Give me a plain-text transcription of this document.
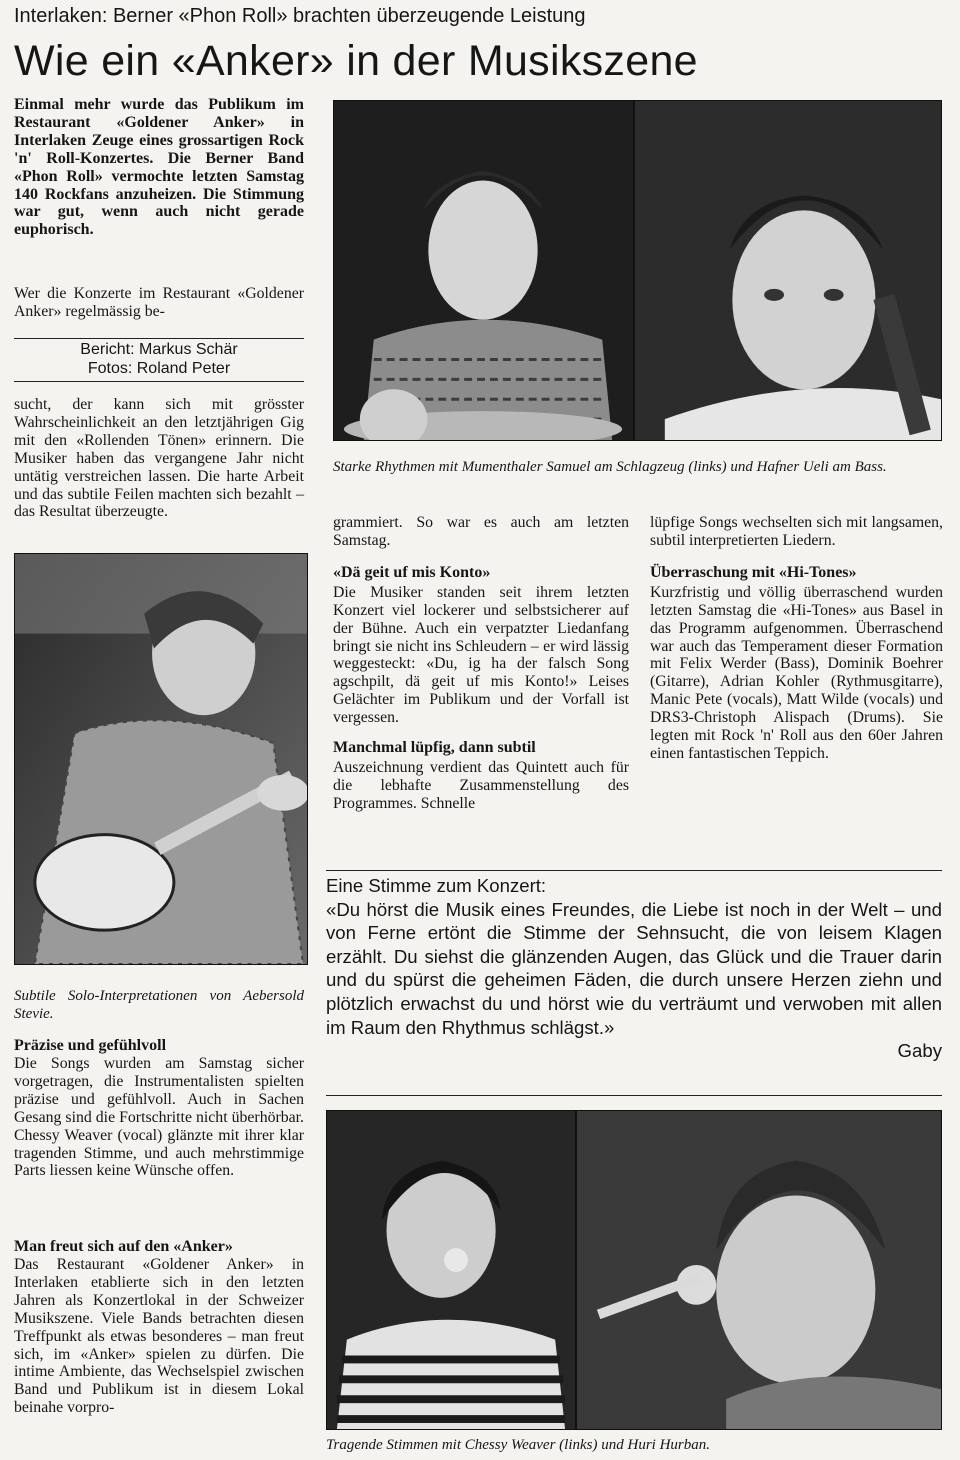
Interlaken: Berner «Phon Roll» brachten überzeugende Leistung
Wie ein «Anker» in der Musikszene
Einmal mehr wurde das Publikum im Restaurant «Goldener Anker» in Interlaken Zeuge eines grossartigen Rock 'n' Roll-Konzertes. Die Berner Band «Phon Roll» vermochte letzten Samstag 140 Rockfans anzuheizen. Die Stimmung war gut, wenn auch nicht gerade euphorisch.
Wer die Konzerte im Restaurant «Goldener Anker» regelmässig be-
Bericht: Markus Schär
Fotos: Roland Peter
sucht, der kann sich mit grösster Wahrscheinlichkeit an den letztjährigen Gig mit den «Rollenden Tönen» erinnern. Die Musiker haben das vergangene Jahr nicht untätig verstreichen lassen. Die harte Arbeit und das subtile Feilen machten sich bezahlt – das Resultat überzeugte.
Subtile Solo-Interpretationen von Aebersold Stevie.
Präzise und gefühlvoll
Die Songs wurden am Samstag sicher vorgetragen, die Instrumentalisten spielten präzise und gefühlvoll. Auch in Sachen Gesang sind die Fortschritte nicht überhörbar. Chessy Weaver (vocal) glänzte mit ihrer klar tragenden Stimme, und auch mehrstimmige Parts liessen keine Wünsche offen.
Man freut sich auf den «Anker»
Das Restaurant «Goldener Anker» in Interlaken etablierte sich in den letzten Jahren als Konzertlokal in der Schweizer Musikszene. Viele Bands betrachten diesen Treffpunkt als etwas besonderes – man freut sich, im «Anker» spielen zu dürfen. Die intime Ambiente, das Wechselspiel zwischen Band und Publikum ist in diesem Lokal beinahe vorpro-
Starke Rhythmen mit Mumenthaler Samuel am Schlagzeug (links) und Hafner Ueli am Bass.
grammiert. So war es auch am letzten Samstag.
«Dä geit uf mis Konto»
Die Musiker standen seit ihrem letzten Konzert viel lockerer und selbstsicherer auf der Bühne. Auch ein verpatzter Liedanfang bringt sie nicht ins Schleudern – er wird lässig weggesteckt: «Du, ig ha der falsch Song agschpilt, dä geit uf mis Konto!» Leises Gelächter im Publikum und der Vorfall ist vergessen.
Manchmal lüpfig, dann subtil
Auszeichnung verdient das Quintett auch für die lebhafte Zusammenstellung des Programmes. Schnelle
lüpfige Songs wechselten sich mit langsamen, subtil interpretierten Liedern.
Überraschung mit «Hi-Tones»
Kurzfristig und völlig überraschend wurden letzten Samstag die «Hi-Tones» aus Basel in das Programm aufgenommen. Überraschend war auch das Temperament dieser Formation mit Felix Werder (Bass), Dominik Boehrer (Gitarre), Adrian Kohler (Rythmusgitarre), Manic Pete (vocals), Matt Wilde (vocals) und DRS3-Christoph Alispach (Drums). Sie legten mit Rock 'n' Roll aus den 60er Jahren einen fantastischen Teppich.
Eine Stimme zum Konzert:
«Du hörst die Musik eines Freundes, die Liebe ist noch in der Welt – und von Ferne ertönt die Stimme der Sehnsucht, die von leisem Klagen erzählt. Du siehst die glänzenden Augen, das Glück und die Trauer darin und du spürst die geheimen Fäden, die durch unsere Herzen ziehn und plötzlich erwachst du und hörst wie du verträumt und verwoben mit allen im Raum den Rhythmus schlägst.»
Gaby
Tragende Stimmen mit Chessy Weaver (links) und Huri Hurban.
